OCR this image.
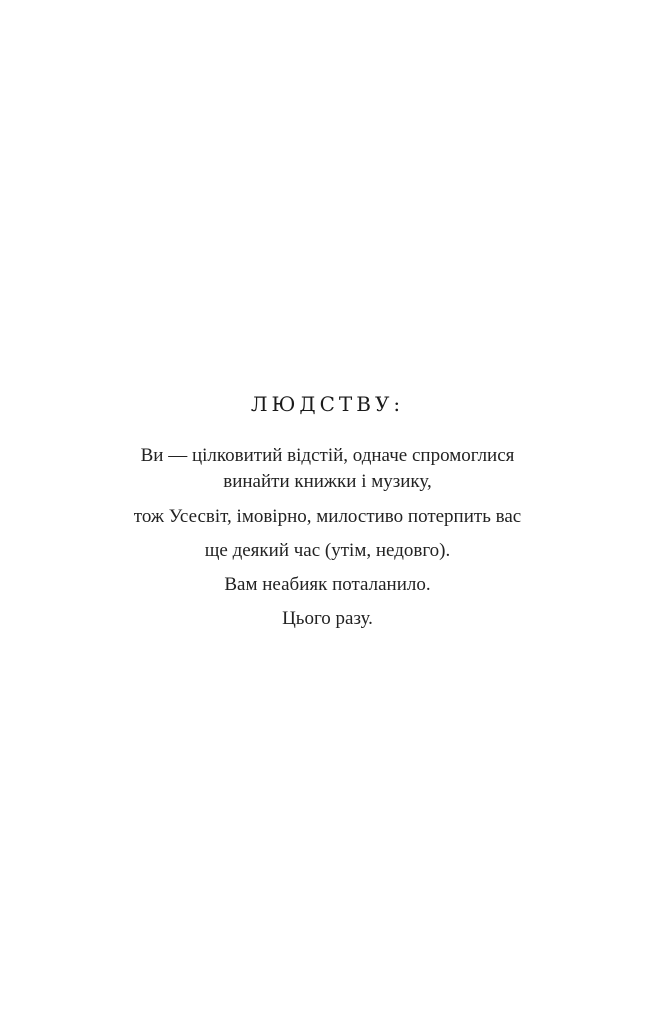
ЛЮДСТВУ:

Ви — цілковитий відстій, одначе спромоглися

винайти книжки і музику,

тож Усесвіт, імовірно, милостиво потерпить вас

ще деякий час (утім, недовго).

Вам неабияк поталанило.

Цього разу.
